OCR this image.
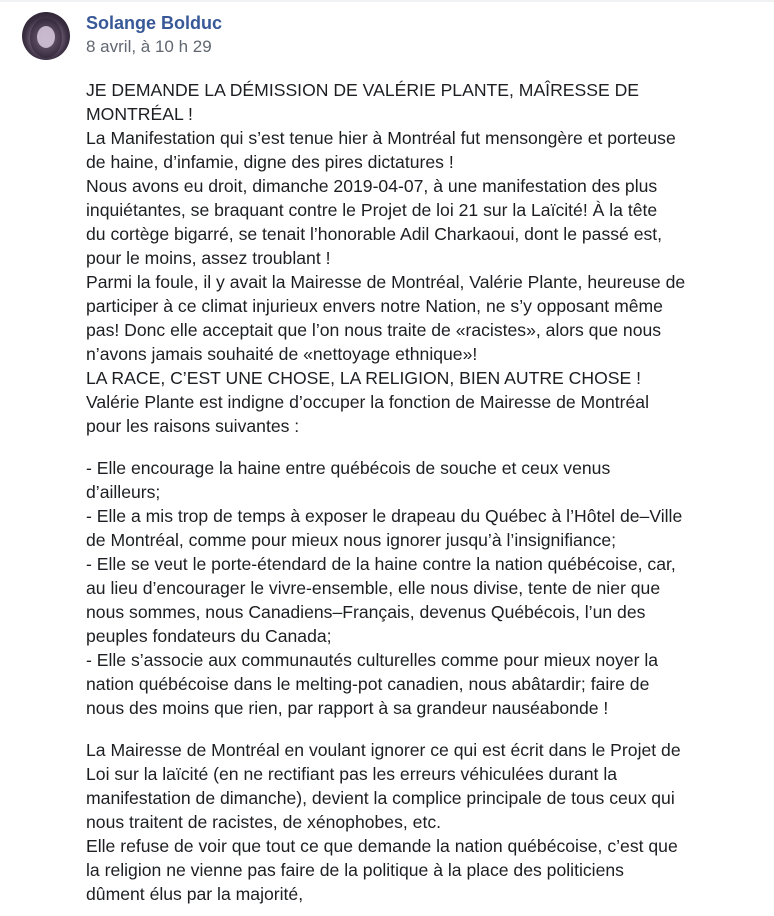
Solange Bolduc
8 avril, à 10 h 29
JE DEMANDE LA DÉMISSION DE VALÉRIE PLANTE, MAÎRESSE DE
MONTRÉAL !
La Manifestation qui s’est tenue hier à Montréal fut mensongère et porteuse
de haine, d’infamie, digne des pires dictatures !
Nous avons eu droit, dimanche 2019-04-07, à une manifestation des plus
inquiétantes, se braquant contre le Projet de loi 21 sur la Laïcité! À la tête
du cortège bigarré, se tenait l’honorable Adil Charkaoui, dont le passé est,
pour le moins, assez troublant !
Parmi la foule, il y avait la Mairesse de Montréal, Valérie Plante, heureuse de
participer à ce climat injurieux envers notre Nation, ne s’y opposant même
pas! Donc elle acceptait que l’on nous traite de «racistes», alors que nous
n’avons jamais souhaité de «nettoyage ethnique»!
LA RACE, C’EST UNE CHOSE, LA RELIGION, BIEN AUTRE CHOSE !
Valérie Plante est indigne d’occuper la fonction de Mairesse de Montréal
pour les raisons suivantes :
- Elle encourage la haine entre québécois de souche et ceux venus
d’ailleurs;
- Elle a mis trop de temps à exposer le drapeau du Québec à l’Hôtel de–Ville
de Montréal, comme pour mieux nous ignorer jusqu’à l’insignifiance;
- Elle se veut le porte-étendard de la haine contre la nation québécoise, car,
au lieu d’encourager le vivre-ensemble, elle nous divise, tente de nier que
nous sommes, nous Canadiens–Français, devenus Québécois, l’un des
peuples fondateurs du Canada;
- Elle s’associe aux communautés culturelles comme pour mieux noyer la
nation québécoise dans le melting-pot canadien, nous abâtardir; faire de
nous des moins que rien, par rapport à sa grandeur nauséabonde !
La Mairesse de Montréal en voulant ignorer ce qui est écrit dans le Projet de
Loi sur la laïcité (en ne rectifiant pas les erreurs véhiculées durant la
manifestation de dimanche), devient la complice principale de tous ceux qui
nous traitent de racistes, de xénophobes, etc.
Elle refuse de voir que tout ce que demande la nation québécoise, c’est que
la religion ne vienne pas faire de la politique à la place des politiciens
dûment élus par la majorité,
